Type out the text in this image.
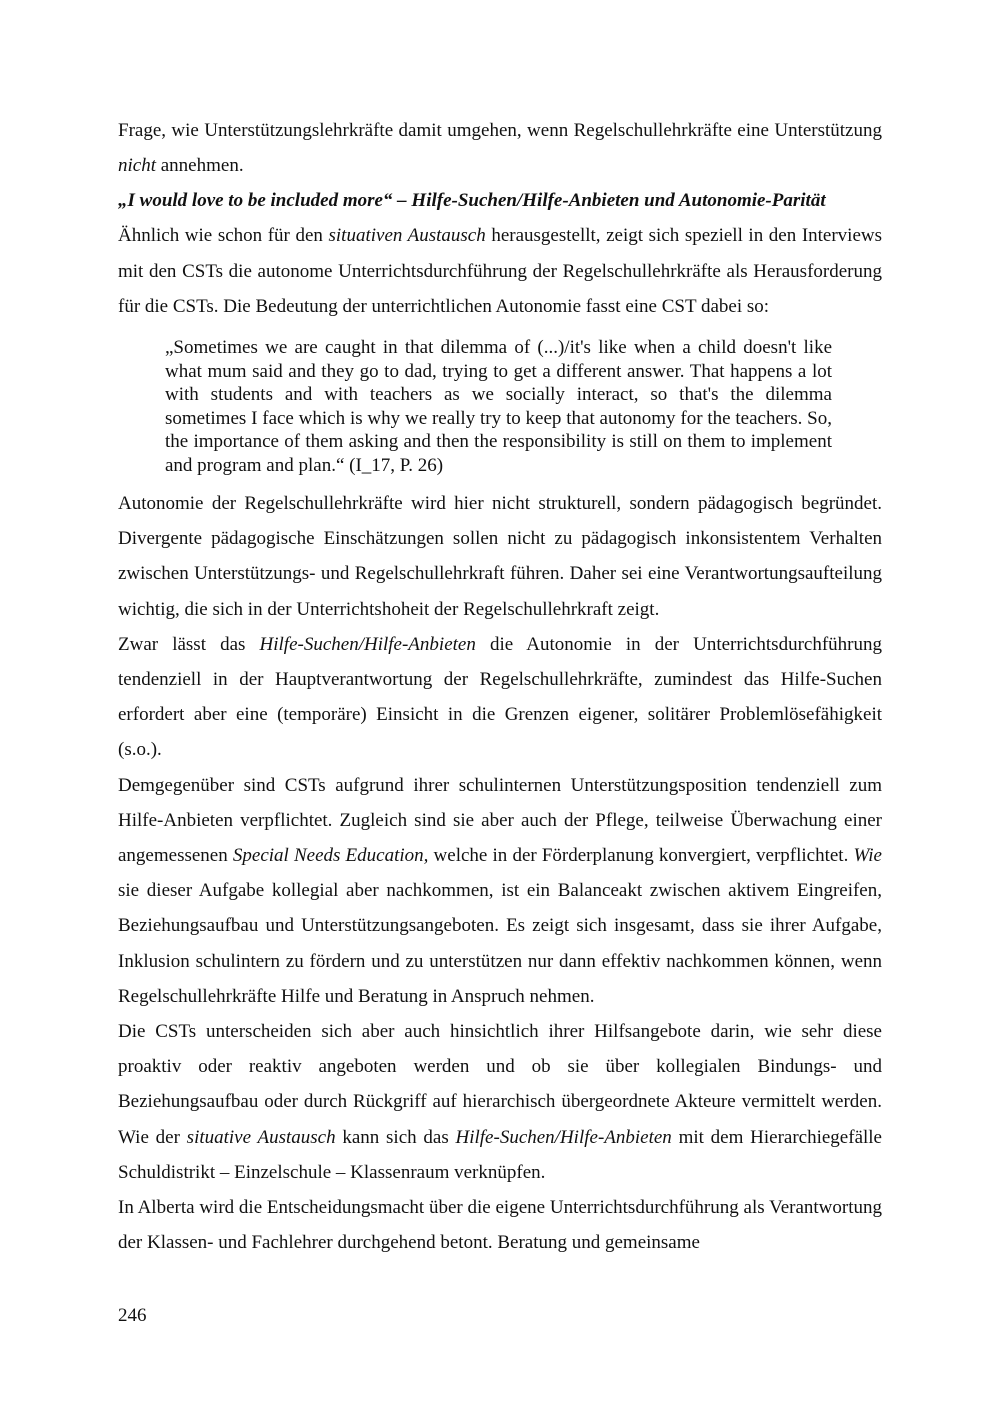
Frage, wie Unterstützungslehrkräfte damit umgehen, wenn Regelschullehrkräfte eine Unterstützung nicht annehmen.

„I would love to be included more“ – Hilfe-Suchen/Hilfe-Anbieten und Autonomie-Parität

Ähnlich wie schon für den situativen Austausch herausgestellt, zeigt sich speziell in den Interviews mit den CSTs die autonome Unterrichtsdurchführung der Regelschullehrkräfte als Herausforderung für die CSTs. Die Bedeutung der unterrichtlichen Autonomie fasst eine CST dabei so:

„Sometimes we are caught in that dilemma of (...)/it's like when a child doesn't like what mum said and they go to dad, trying to get a different answer. That happens a lot with students and with teachers as we socially interact, so that's the dilemma sometimes I face which is why we really try to keep that autonomy for the teachers. So, the importance of them asking and then the responsibility is still on them to implement and program and plan.“ (I_17, P. 26)

Autonomie der Regelschullehrkräfte wird hier nicht strukturell, sondern pädagogisch begründet. Divergente pädagogische Einschätzungen sollen nicht zu pädagogisch inkonsistentem Verhalten zwischen Unterstützungs- und Regelschullehrkraft führen. Daher sei eine Verantwortungsaufteilung wichtig, die sich in der Unterrichtshoheit der Regelschullehrkraft zeigt.

Zwar lässt das Hilfe-Suchen/Hilfe-Anbieten die Autonomie in der Unterrichtsdurchführung tendenziell in der Hauptverantwortung der Regelschullehrkräfte, zumindest das Hilfe-Suchen erfordert aber eine (temporäre) Einsicht in die Grenzen eigener, solitärer Problemlösefähigkeit (s.o.).

Demgegenüber sind CSTs aufgrund ihrer schulinternen Unterstützungsposition tendenziell zum Hilfe-Anbieten verpflichtet. Zugleich sind sie aber auch der Pflege, teilweise Überwachung einer angemessenen Special Needs Education, welche in der Förderplanung konvergiert, verpflichtet. Wie sie dieser Aufgabe kollegial aber nachkommen, ist ein Balanceakt zwischen aktivem Eingreifen, Beziehungsaufbau und Unterstützungsangeboten. Es zeigt sich insgesamt, dass sie ihrer Aufgabe, Inklusion schulintern zu fördern und zu unterstützen nur dann effektiv nachkommen können, wenn Regelschullehrkräfte Hilfe und Beratung in Anspruch nehmen.

Die CSTs unterscheiden sich aber auch hinsichtlich ihrer Hilfsangebote darin, wie sehr diese proaktiv oder reaktiv angeboten werden und ob sie über kollegialen Bindungs- und Beziehungsaufbau oder durch Rückgriff auf hierarchisch übergeordnete Akteure vermittelt werden. Wie der situative Austausch kann sich das Hilfe-Suchen/Hilfe-Anbieten mit dem Hierarchiegefälle Schuldistrikt – Einzelschule – Klassenraum verknüpfen.

In Alberta wird die Entscheidungsmacht über die eigene Unterrichtsdurchführung als Verantwortung der Klassen- und Fachlehrer durchgehend betont. Beratung und gemeinsame

246
